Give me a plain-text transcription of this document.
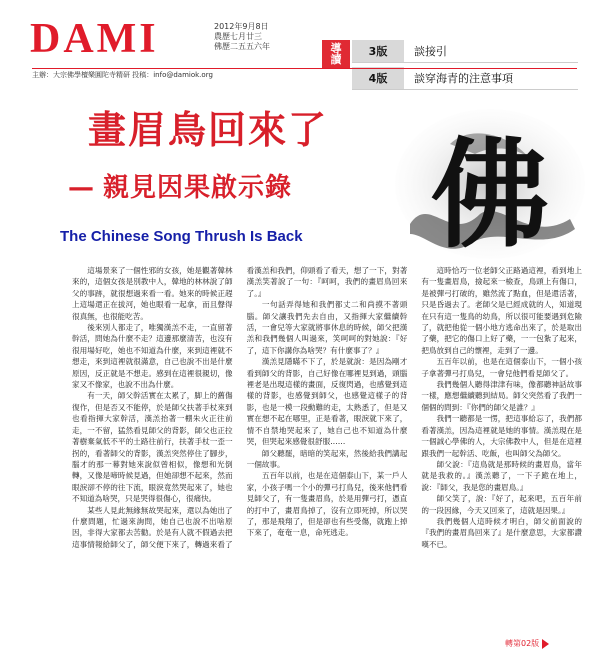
DAMI	2012年9月8日
農歷七月廿三
佛歷二五五六年	導
讀
3版	談接引
4版	談穿海青的注意事項
主辦：大宗佛學檀樂圓陀寺精研 投稿：info@damiok.org
畫眉鳥回來了
— 親見因果啟示錄
The Chinese Song Thrush Is Back 佛

這場景來了一個性邪的女孩，她是觀著韓林來的，這個女孩是別教中人，韓地的林林說了師父的事跡，就很想過來看一看。她來的時候正趕上這場還正在拔河，她也眼看一起拿，而且聲得很真無，也很能吃苦。

後來別人都走了，唯獨漢羔不走，一直留著幹活，問她為什麼不走？這邊那麼清苦，也沒有很用場好吃，她也不知道為什麼，來到這裡就不想走，來到這裡就很滿意，自己也說不出是什麼原因，反正就是不想走。感到在這裡很親切，像家又不像家，也說不出為什麼。

有一天，師父幹活實在太累了，脚上的舊傷復作，但是否又不能停，於是師父扶著手杖來到也看指揮大家幹活，漢羔抬著一棚朱火正往前走，一不留，猛然看見師父的背影，師父也正拉著樹棄氣低不平的土路往前行，扶著手杖一歪一拐的，看著師父的背影，漢羔突然停住了腳步，腦才的那一幕對她來說似曾相似，像想和光倒轉，又像是啼時候見過，但她卻想不起來，然而眼淚卻不停的往下流，眼淚竟然哭起來了，她也不知道為啥哭，只是哭得很傷心，很痛快。

某些人見此無緣無故哭起來，還以為她出了什麼問題，忙過來詢問，她自己也說不出啥原因，非得大家都去苦勸。於是有人就不假過去把這事情報給師父了，師父便下來了，轉過來看了看漢羔和我們，仰頭看了看天，想了一下，對著漢羔笑著說了一句：『呵呵，我們的畫眉鳥回來了。』

一句話弄得她和我們都丈二和尚摸不著頭腦。師父讓我們先去自由，又指揮大家繼續幹活，一會兒等大家就將事休息的時候，師父把漢羔和我們幾個人叫過來，笑呵呵的對她說：『好了，這下你講你為啥哭？有什麼事了？』

漢羔見隱瞞不下了，於是就說：是因為剛才看到師父的背影，自己好像在哪裡見到過，頭腦裡老是出現這樣的畫面，反復閃過，也感覺到這樣的背影，也感覺到師父，也感覺這樣子的背影，也是一模一段動難的走，太熟悉了，但是又實在想不起在哪里，正是看著，眼淚就下來了，情不自禁地哭起來了，她自己也不知道為什麼哭，但哭起來感覺很舒服……

師父聽罷，暗暗的笑起來，然後給我們講起一個故事。

五百年以前，也是在這個泰山下，某一戶人家，小孩子嗎一个小的彈弓打鳥兒，後來他們看見師父了，有一隻畫眉鳥，於是用彈弓打，憑直的打中了，畫眉鳥掉了，沒有立即死掉，所以哭了，那是飛翔了，但是卻也有些受傷，就跑上掉下來了，奄奄一息，命死逃走。

這時恰巧一位老師父正路過這裡，看到地上有一隻畫眉鳥，撿起來一檢查，鳥頭上有傷口，是被彈弓打破的，雖然流了點血，但是還活著，只是昏過去了。老師父是已經成就的人，知道現在只有這一隻鳥的幼鳥，所以很可能要遇到危險了，就把他從一個小地方逃命出來了，於是取出了藥，把它的傷口上好了藥，一一包紮了起來，把鳥放到自己的懷裡，走到了一邊。

五百年以前，也是在這個泰山下，一個小孩子拿著彈弓打鳥兒，一會兒他們看見師父了。

我們幾個人聽得津津有味，像都聽神話故事一樣，應想繼續聽到結局。師父突然看了我們一個個的問到：『你們的師父是誰？』

我們一聽都是一愣，把這事給忘了，我們都看著漢羔，因為這裡就是她的事情。漢羔現在是一個誠心學佛的人，大宗佛教中人，但是在這裡跟我們一起幹活、吃飯，也叫師父為師父。

師父說：『這鳥就是那時候的畫眉鳥，當年就是我救的。』漢羔聽了，一下子跪在地上，說：『師父，我是您的畫眉鳥。』

師父笑了，說：『好了，起來吧，五百年前的一段因緣，今天又回來了，這就是因果。』

我們幾個人這時候才明白，師父前面說的『我們的畫眉鳥回來了』是什麼意思，大家都讚嘆不已。

轉第02版
